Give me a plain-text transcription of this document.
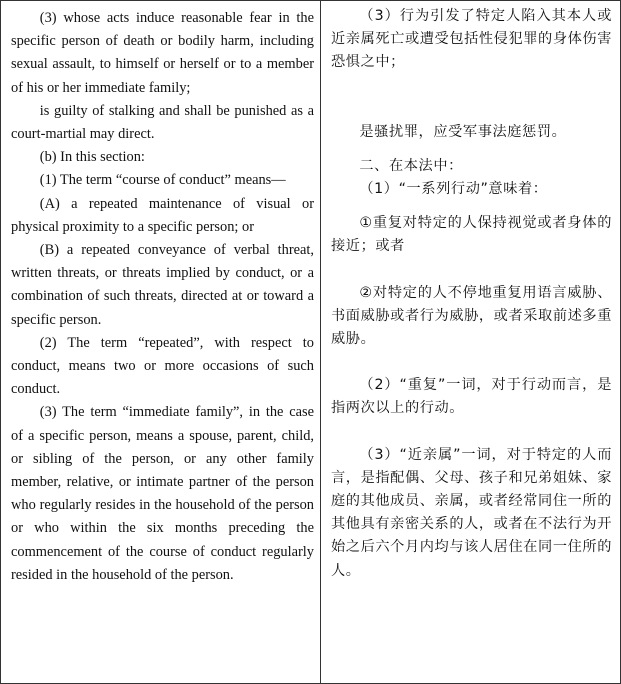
(3) whose acts induce reasonable fear in the specific person of death or bodily harm, including sexual assault, to himself or herself or to a member of his or her immediate family;

is guilty of stalking and shall be punished as a court-martial may direct.

(b) In this section:

(1) The term “course of conduct” means—

(A) a repeated maintenance of visual or physical proximity to a specific person; or

(B) a repeated conveyance of verbal threat, written threats, or threats implied by conduct, or a combination of such threats, directed at or toward a specific person.

(2) The term “repeated”, with respect to conduct, means two or more occasions of such conduct.

(3) The term “immediate family”, in the case of a specific person, means a spouse, parent, child, or sibling of the person, or any other family member, relative, or intimate partner of the person who regularly resides in the household of the person or who within the six months preceding the commencement of the course of conduct regularly resided in the household of the person.

（3）行为引发了特定人陷入其本人或近亲属死亡或遭受包括性侵犯罪的身体伤害恐惧之中；

是骚扰罪，应受军事法庭惩罚。

二、在本法中：

（1）“一系列行动”意味着：

①重复对特定的人保持视觉或者身体的接近；或者

②对特定的人不停地重复用语言威胁、书面威胁或者行为威胁，或者采取前述多重威胁。

（2）“重复”一词，对于行动而言，是指两次以上的行动。

（3）“近亲属”一词，对于特定的人而言，是指配偶、父母、孩子和兄弟姐妹、家庭的其他成员、亲属，或者经常同住一所的其他具有亲密关系的人，或者在不法行为开始之后六个月内均与该人居住在同一住所的人。
